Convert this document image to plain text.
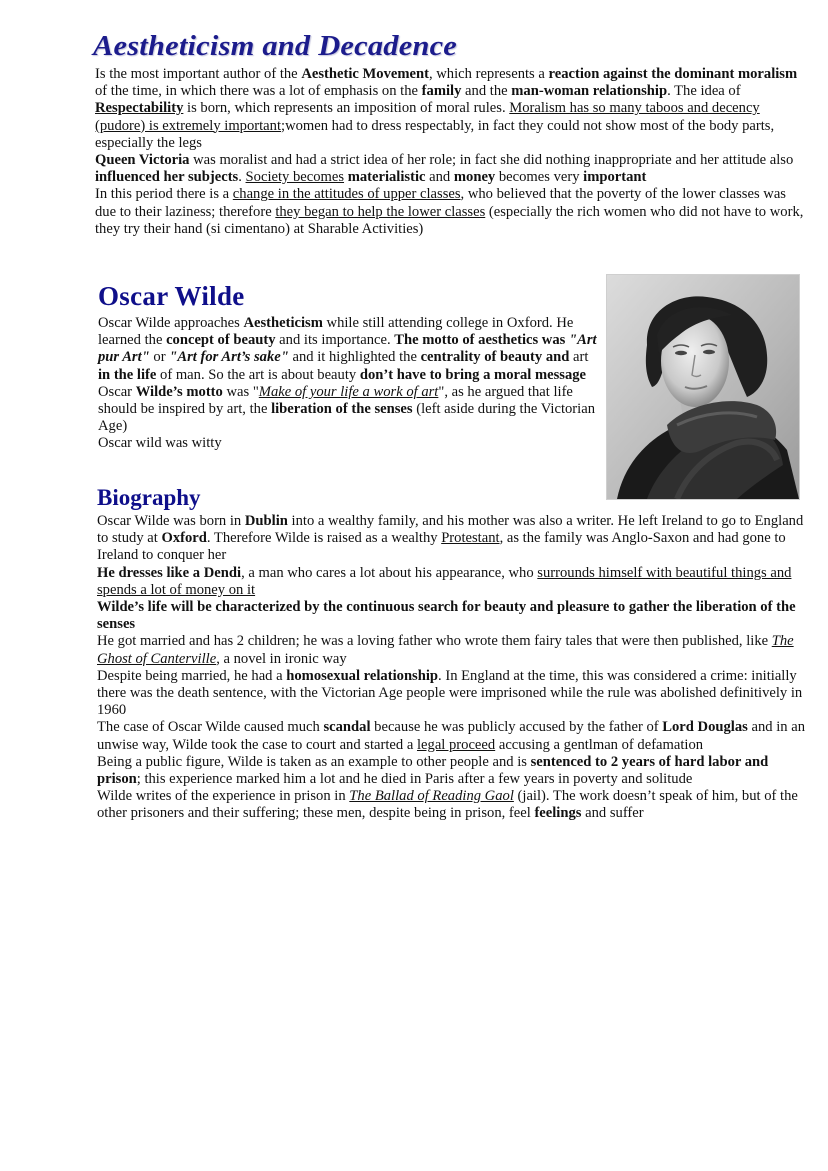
Aestheticism and Decadence

Is the most important author of the Aesthetic Movement, which represents a reaction against the dominant moralism of the time, in which there was a lot of emphasis on the family and the man-woman relationship. The idea of Respectability is born, which represents an imposition of moral rules. Moralism has so many taboos and decency (pudore) is extremely important;women had to dress respectably, in fact they could not show most of the body parts, especially the legs

Queen Victoria was moralist and had a strict idea of her role; in fact she did nothing inappropriate and her attitude also influenced her subjects. Society becomes materialistic and money becomes very important

In this period there is a change in the attitudes of upper classes, who believed that the poverty of the lower classes was due to their laziness; therefore they began to help the lower classes (especially the rich women who did not have to work, they try their hand (si cimentano) at Sharable Activities)

Oscar Wilde

Oscar Wilde approaches Aestheticism while still attending college in Oxford. He learned the concept of beauty and its importance. The motto of aesthetics was "Art pur Art" or "Art for Art’s sake" and it highlighted the centrality of beauty and art in the life of man. So the art is about beauty don’t have to bring a moral message

Oscar Wilde’s motto was "Make of your life a work of art", as he argued that life should be inspired by art, the liberation of the senses (left aside during the Victorian Age)

Oscar wild was witty

Biography

Oscar Wilde was born in Dublin into a wealthy family, and his mother was also a writer. He left Ireland to go to England to study at Oxford. Therefore Wilde is raised as a wealthy Protestant, as the family was Anglo-Saxon and had gone to Ireland to conquer her

He dresses like a Dendi, a man who cares a lot about his appearance, who surrounds himself with beautiful things and spends a lot of money on it

Wilde’s life will be characterized by the continuous search for beauty and pleasure to gather the liberation of the senses

He got married and has 2 children; he was a loving father who wrote them fairy tales that were then published, like The Ghost of Canterville, a novel in ironic way

Despite being married, he had a homosexual relationship. In England at the time, this was considered a crime: initially there was the death sentence, with the Victorian Age people were imprisoned while the rule was abolished definitively in 1960

The case of Oscar Wilde caused much scandal because he was publicly accused by the father of Lord Douglas and in an unwise way, Wilde took the case to court and started a legal proceed accusing a gentlman of defamation

Being a public figure, Wilde is taken as an example to other people and is sentenced to 2 years of hard labor and prison; this experience marked him a lot and he died in Paris after a few years in poverty and solitude

Wilde writes of the experience in prison in The Ballad of Reading Gaol (jail). The work doesn’t speak of him, but of the other prisoners and their suffering; these men, despite being in prison, feel feelings and suffer
